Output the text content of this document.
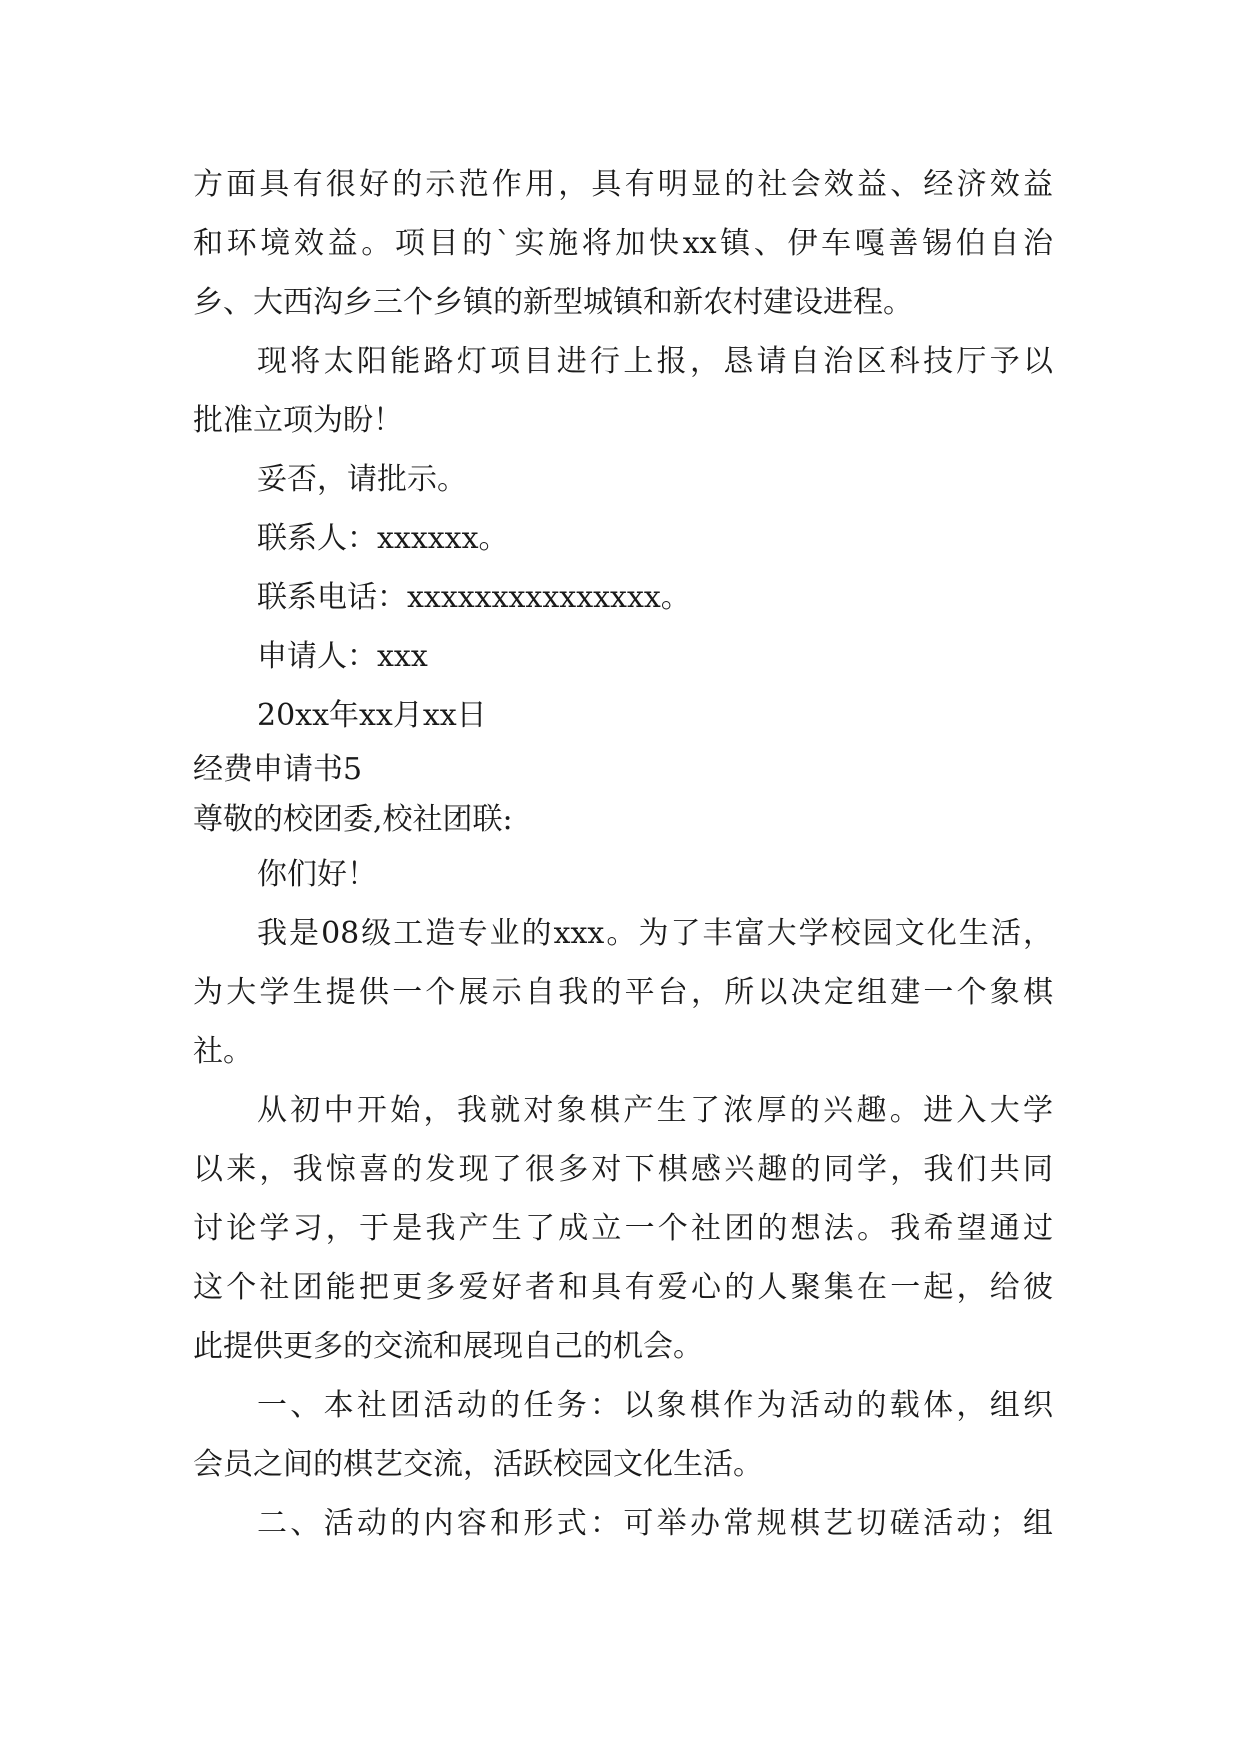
方面具有很好的示范作用，具有明显的社会效益、经济效益
和环境效益。项目的`实施将加快xx镇、伊车嘎善锡伯自治
乡、大西沟乡三个乡镇的新型城镇和新农村建设进程。
现将太阳能路灯项目进行上报，恳请自治区科技厅予以
批准立项为盼！
妥否，请批示。
联系人：xxxxxx。
联系电话：xxxxxxxxxxxxxxx。
申请人：xxx
20xx年xx月xx日
经费申请书5
尊敬的校团委,校社团联:
你们好！
我是08级工造专业的xxx。为了丰富大学校园文化生活，
为大学生提供一个展示自我的平台，所以决定组建一个象棋
社。
从初中开始，我就对象棋产生了浓厚的兴趣。进入大学
以来，我惊喜的发现了很多对下棋感兴趣的同学，我们共同
讨论学习，于是我产生了成立一个社团的想法。我希望通过
这个社团能把更多爱好者和具有爱心的人聚集在一起，给彼
此提供更多的交流和展现自己的机会。
一、本社团活动的任务：以象棋作为活动的载体，组织
会员之间的棋艺交流，活跃校园文化生活。
二、活动的内容和形式：可举办常规棋艺切磋活动；组
